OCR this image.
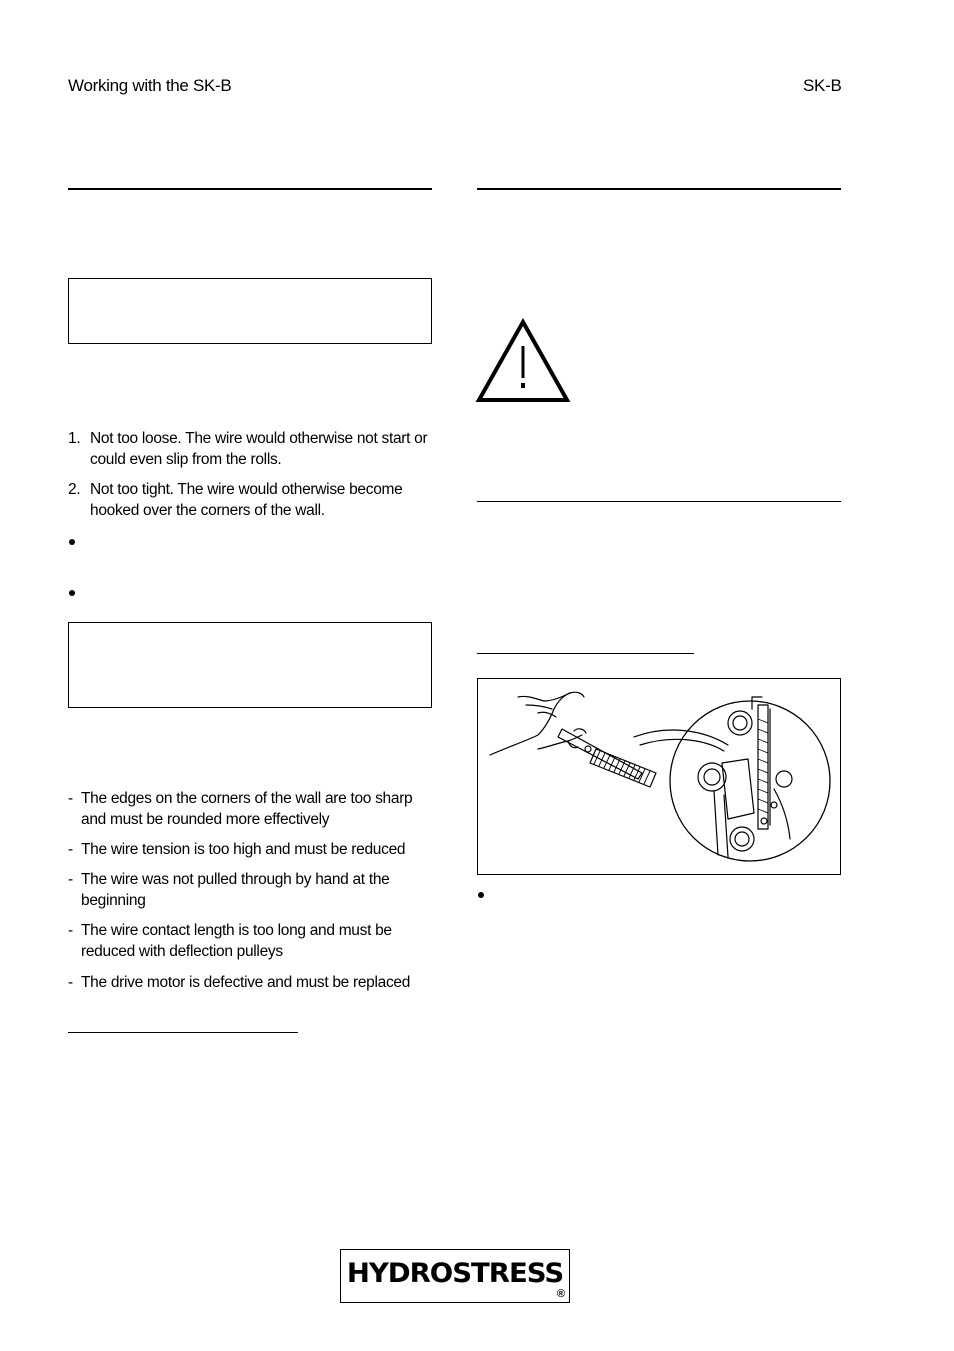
Working with the SK-B	SK-B
1. Not too loose. The wire would otherwise not start or could even slip from the rolls.
2. Not too tight. The wire would otherwise become hooked over the corners of the wall.
- The edges on the corners of the wall are too sharp and must be rounded more effectively
- The wire tension is too high and must be reduced
- The wire was not pulled through by hand at the beginning
- The wire contact length is too long and must be reduced with deflection pulleys
- The drive motor is defective and must be replaced
HYDROSTRESS
®
